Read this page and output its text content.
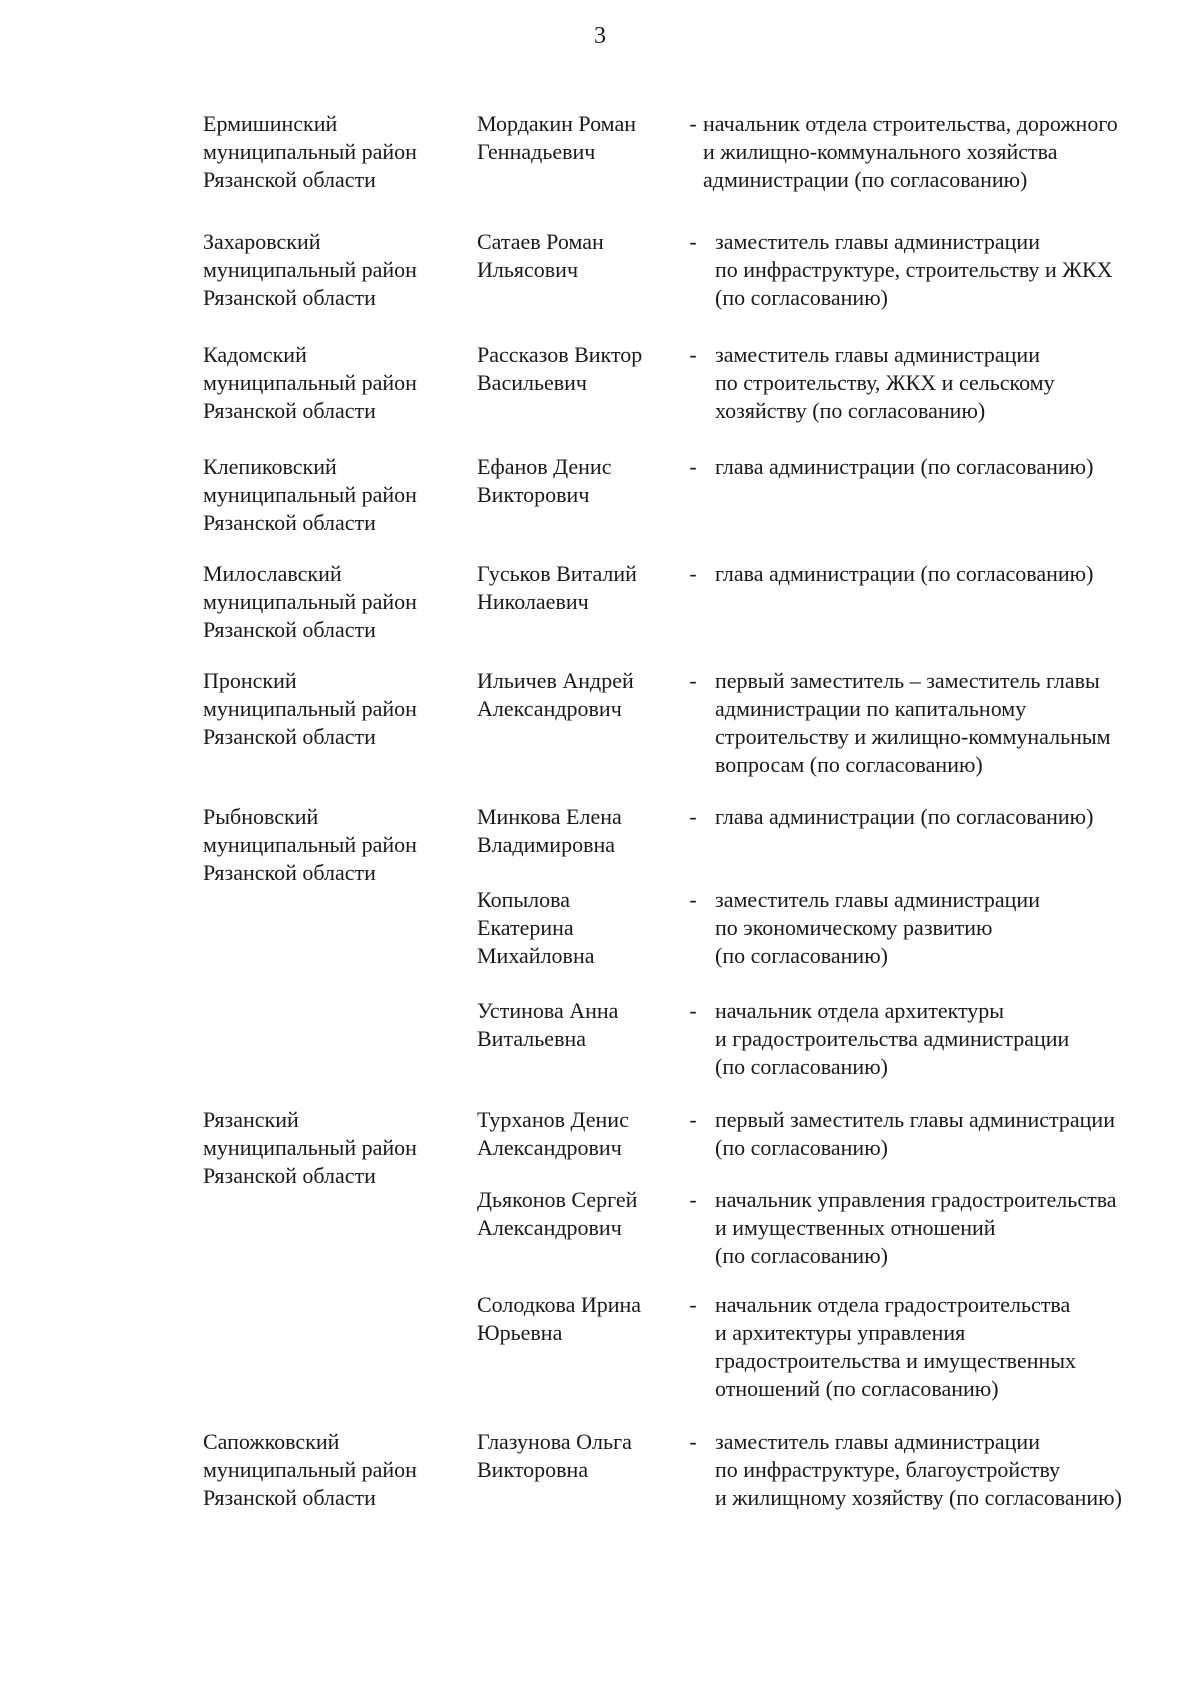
3
Ермишинский
муниципальный район
Рязанской области
Мордакин Роман
Геннадьевич
- начальник отдела строительства, дорожного
и жилищно-коммунального хозяйства
администрации (по согласованию)
Захаровский
муниципальный район
Рязанской области
Сатаев Роман
Ильясович
- заместитель главы администрации
по инфраструктуре, строительству и ЖКХ
(по согласованию)
Кадомский
муниципальный район
Рязанской области
Рассказов Виктор
Васильевич
- заместитель главы администрации
по строительству, ЖКХ и сельскому
хозяйству (по согласованию)
Клепиковский
муниципальный район
Рязанской области
Ефанов Денис
Викторович
- глава администрации (по согласованию)
Милославский
муниципальный район
Рязанской области
Гуськов Виталий
Николаевич
- глава администрации (по согласованию)
Пронский
муниципальный район
Рязанской области
Ильичев Андрей
Александрович
- первый заместитель – заместитель главы
администрации по капитальному
строительству и жилищно-коммунальным
вопросам (по согласованию)
Рыбновский
муниципальный район
Рязанской области
Минкова Елена
Владимировна
- глава администрации (по согласованию)
Копылова
Екатерина
Михайловна
- заместитель главы администрации
по экономическому развитию
(по согласованию)
Устинова Анна
Витальевна
- начальник отдела архитектуры
и градостроительства администрации
(по согласованию)
Рязанский
муниципальный район
Рязанской области
Турханов Денис
Александрович
- первый заместитель главы администрации
(по согласованию)
Дьяконов Сергей
Александрович
- начальник управления градостроительства
и имущественных отношений
(по согласованию)
Солодкова Ирина
Юрьевна
- начальник отдела градостроительства
и архитектуры управления
градостроительства и имущественных
отношений (по согласованию)
Сапожковский
муниципальный район
Рязанской области
Глазунова Ольга
Викторовна
- заместитель главы администрации
по инфраструктуре, благоустройству
и жилищному хозяйству (по согласованию)
